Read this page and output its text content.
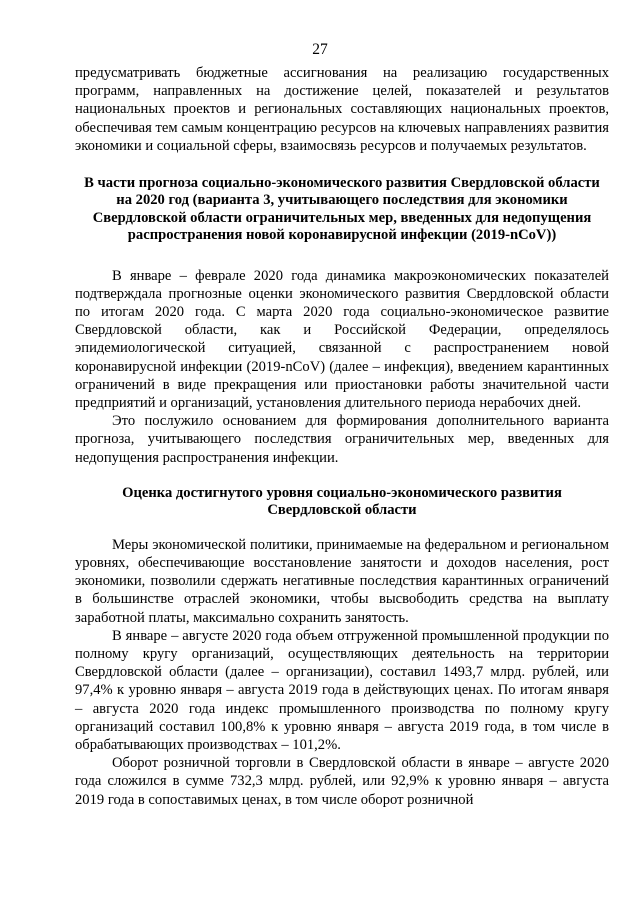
27

предусматривать бюджетные ассигнования на реализацию государственных программ, направленных на достижение целей, показателей и результатов национальных проектов и региональных составляющих национальных проектов, обеспечивая тем самым концентрацию ресурсов на ключевых направлениях развития экономики и социальной сферы, взаимосвязь ресурсов и получаемых результатов.

В части прогноза социально-экономического развития Свердловской области на 2020 год (варианта 3, учитывающего последствия для экономики Свердловской области ограничительных мер, введенных для недопущения распространения новой коронавирусной инфекции (2019-nCoV))

В январе – феврале 2020 года динамика макроэкономических показателей подтверждала прогнозные оценки экономического развития Свердловской области по итогам 2020 года. С марта 2020 года социально-экономическое развитие Свердловской области, как и Российской Федерации, определялось эпидемиологической ситуацией, связанной с распространением новой коронавирусной инфекции (2019-nCoV) (далее – инфекция), введением карантинных ограничений в виде прекращения или приостановки работы значительной части предприятий и организаций, установления длительного периода нерабочих дней.

Это послужило основанием для формирования дополнительного варианта прогноза, учитывающего последствия ограничительных мер, введенных для недопущения распространения инфекции.

Оценка достигнутого уровня социально-экономического развития Свердловской области

Меры экономической политики, принимаемые на федеральном и региональном уровнях, обеспечивающие восстановление занятости и доходов населения, рост экономики, позволили сдержать негативные последствия карантинных ограничений в большинстве отраслей экономики, чтобы высвободить средства на выплату заработной платы, максимально сохранить занятость.

В январе – августе 2020 года объем отгруженной промышленной продукции по полному кругу организаций, осуществляющих деятельность на территории Свердловской области (далее – организации), составил 1493,7 млрд. рублей, или 97,4% к уровню января – августа 2019 года в действующих ценах. По итогам января – августа 2020 года индекс промышленного производства по полному кругу организаций составил 100,8% к уровню января – августа 2019 года, в том числе в обрабатывающих производствах – 101,2%.

Оборот розничной торговли в Свердловской области в январе – августе 2020 года сложился в сумме 732,3 млрд. рублей, или 92,9% к уровню января – августа 2019 года в сопоставимых ценах, в том числе оборот розничной
